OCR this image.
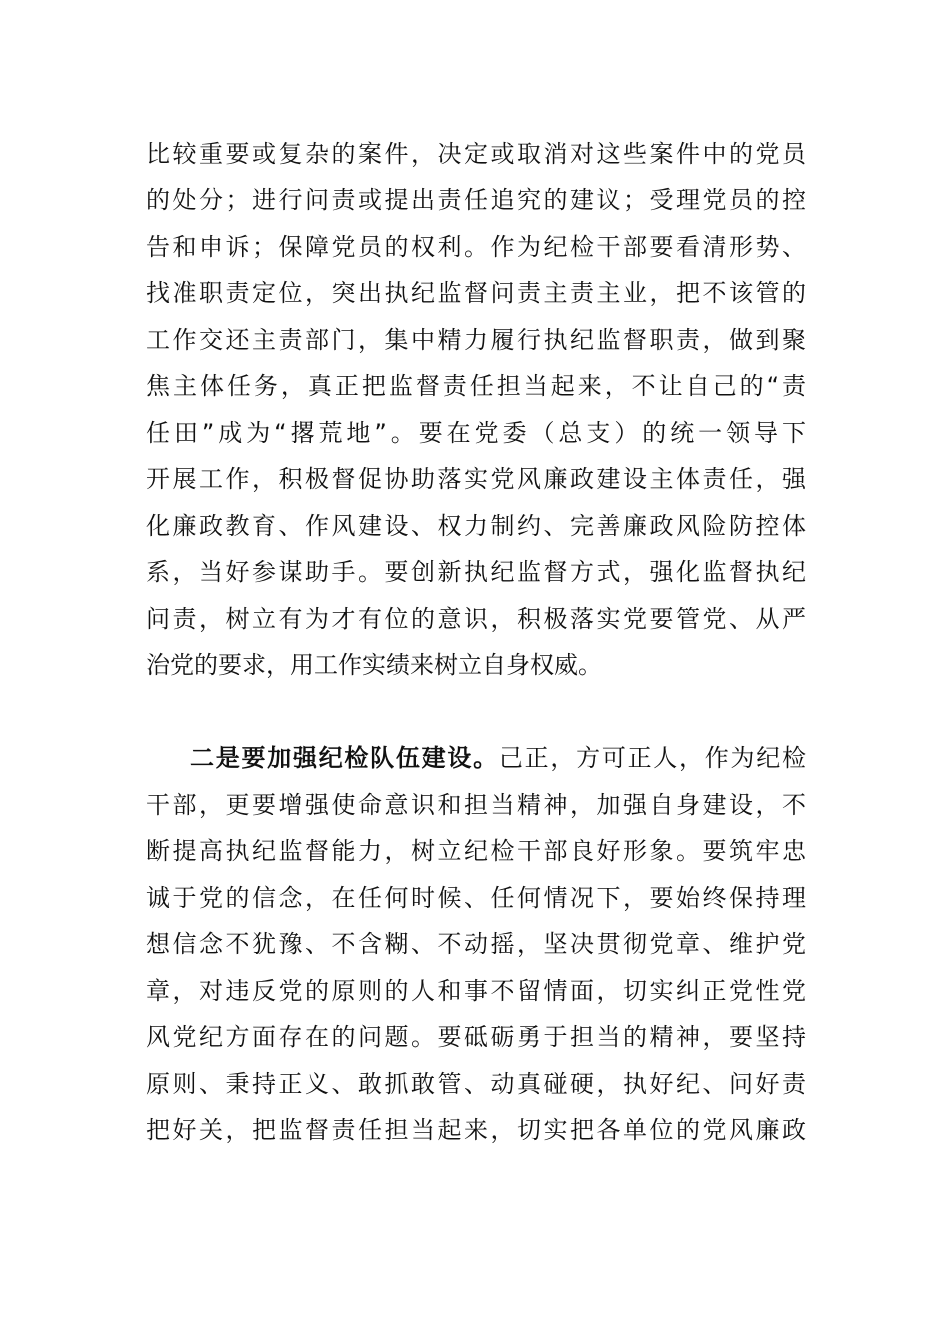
比较重要或复杂的案件，决定或取消对这些案件中的党员
的处分；进行问责或提出责任追究的建议；受理党员的控
告和申诉；保障党员的权利。作为纪检干部要看清形势、
找准职责定位，突出执纪监督问责主责主业，把不该管的
工作交还主责部门，集中精力履行执纪监督职责，做到聚
焦主体任务，真正把监督责任担当起来，不让自己的“责
任田”成为“撂荒地”。要在党委（总支）的统一领导下
开展工作，积极督促协助落实党风廉政建设主体责任，强
化廉政教育、作风建设、权力制约、完善廉政风险防控体
系，当好参谋助手。要创新执纪监督方式，强化监督执纪
问责，树立有为才有位的意识，积极落实党要管党、从严
治党的要求，用工作实绩来树立自身权威。
二是要加强纪检队伍建设。己正，方可正人，作为纪检
干部，更要增强使命意识和担当精神，加强自身建设，不
断提高执纪监督能力，树立纪检干部良好形象。要筑牢忠
诚于党的信念，在任何时候、任何情况下，要始终保持理
想信念不犹豫、不含糊、不动摇，坚决贯彻党章、维护党
章，对违反党的原则的人和事不留情面，切实纠正党性党
风党纪方面存在的问题。要砥砺勇于担当的精神，要坚持
原则、秉持正义、敢抓敢管、动真碰硬，执好纪、问好责
把好关，把监督责任担当起来，切实把各单位的党风廉政
